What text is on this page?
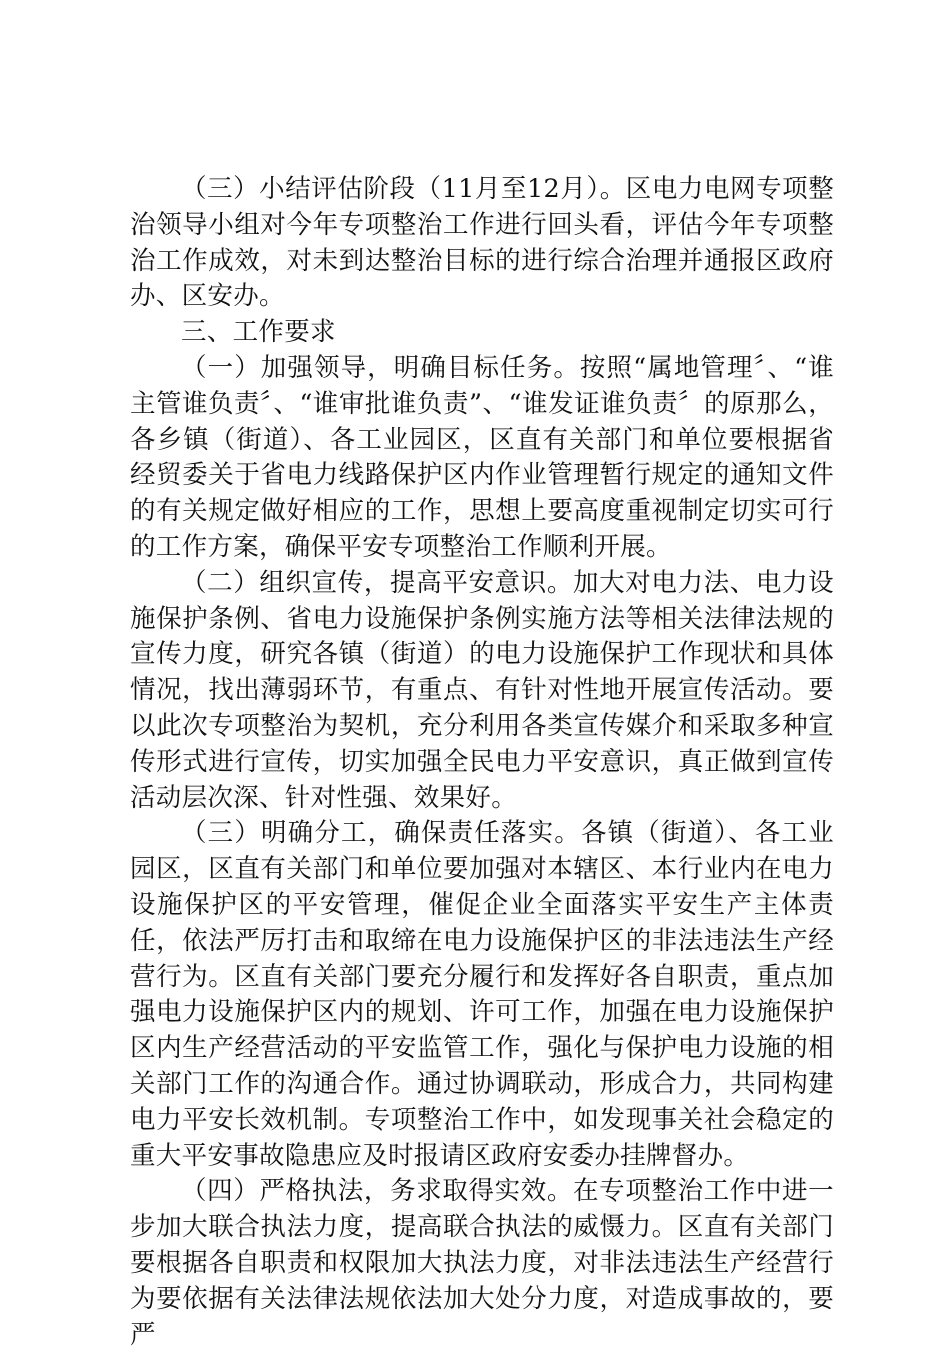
（三）小结评估阶段（11月至12月）。区电力电网专项整治领导小组对今年专项整治工作进行回头看，评估今年专项整治工作成效，对未到达整治目标的进行综合治理并通报区政府办、区安办。

三、工作要求

（一）加强领导，明确目标任务。按照“属地管理〞、“谁主管谁负责〞、“谁审批谁负责”、“谁发证谁负责〞的原那么，各乡镇（街道）、各工业园区，区直有关部门和单位要根据省经贸委关于省电力线路保护区内作业管理暂行规定的通知文件的有关规定做好相应的工作，思想上要高度重视制定切实可行的工作方案，确保平安专项整治工作顺利开展。

（二）组织宣传，提高平安意识。加大对电力法、电力设施保护条例、省电力设施保护条例实施方法等相关法律法规的宣传力度，研究各镇（街道）的电力设施保护工作现状和具体情况，找出薄弱环节，有重点、有针对性地开展宣传活动。要以此次专项整治为契机，充分利用各类宣传媒介和采取多种宣传形式进行宣传，切实加强全民电力平安意识，真正做到宣传活动层次深、针对性强、效果好。

（三）明确分工，确保责任落实。各镇（街道）、各工业园区，区直有关部门和单位要加强对本辖区、本行业内在电力设施保护区的平安管理，催促企业全面落实平安生产主体责任，依法严厉打击和取缔在电力设施保护区的非法违法生产经营行为。区直有关部门要充分履行和发挥好各自职责，重点加强电力设施保护区内的规划、许可工作，加强在电力设施保护区内生产经营活动的平安监管工作，强化与保护电力设施的相关部门工作的沟通合作。通过协调联动，形成合力，共同构建电力平安长效机制。专项整治工作中，如发现事关社会稳定的重大平安事故隐患应及时报请区政府安委办挂牌督办。

（四）严格执法，务求取得实效。在专项整治工作中进一步加大联合执法力度，提高联合执法的威慑力。区直有关部门要根据各自职责和权限加大执法力度，对非法违法生产经营行为要依据有关法律法规依法加大处分力度，对造成事故的，要严
